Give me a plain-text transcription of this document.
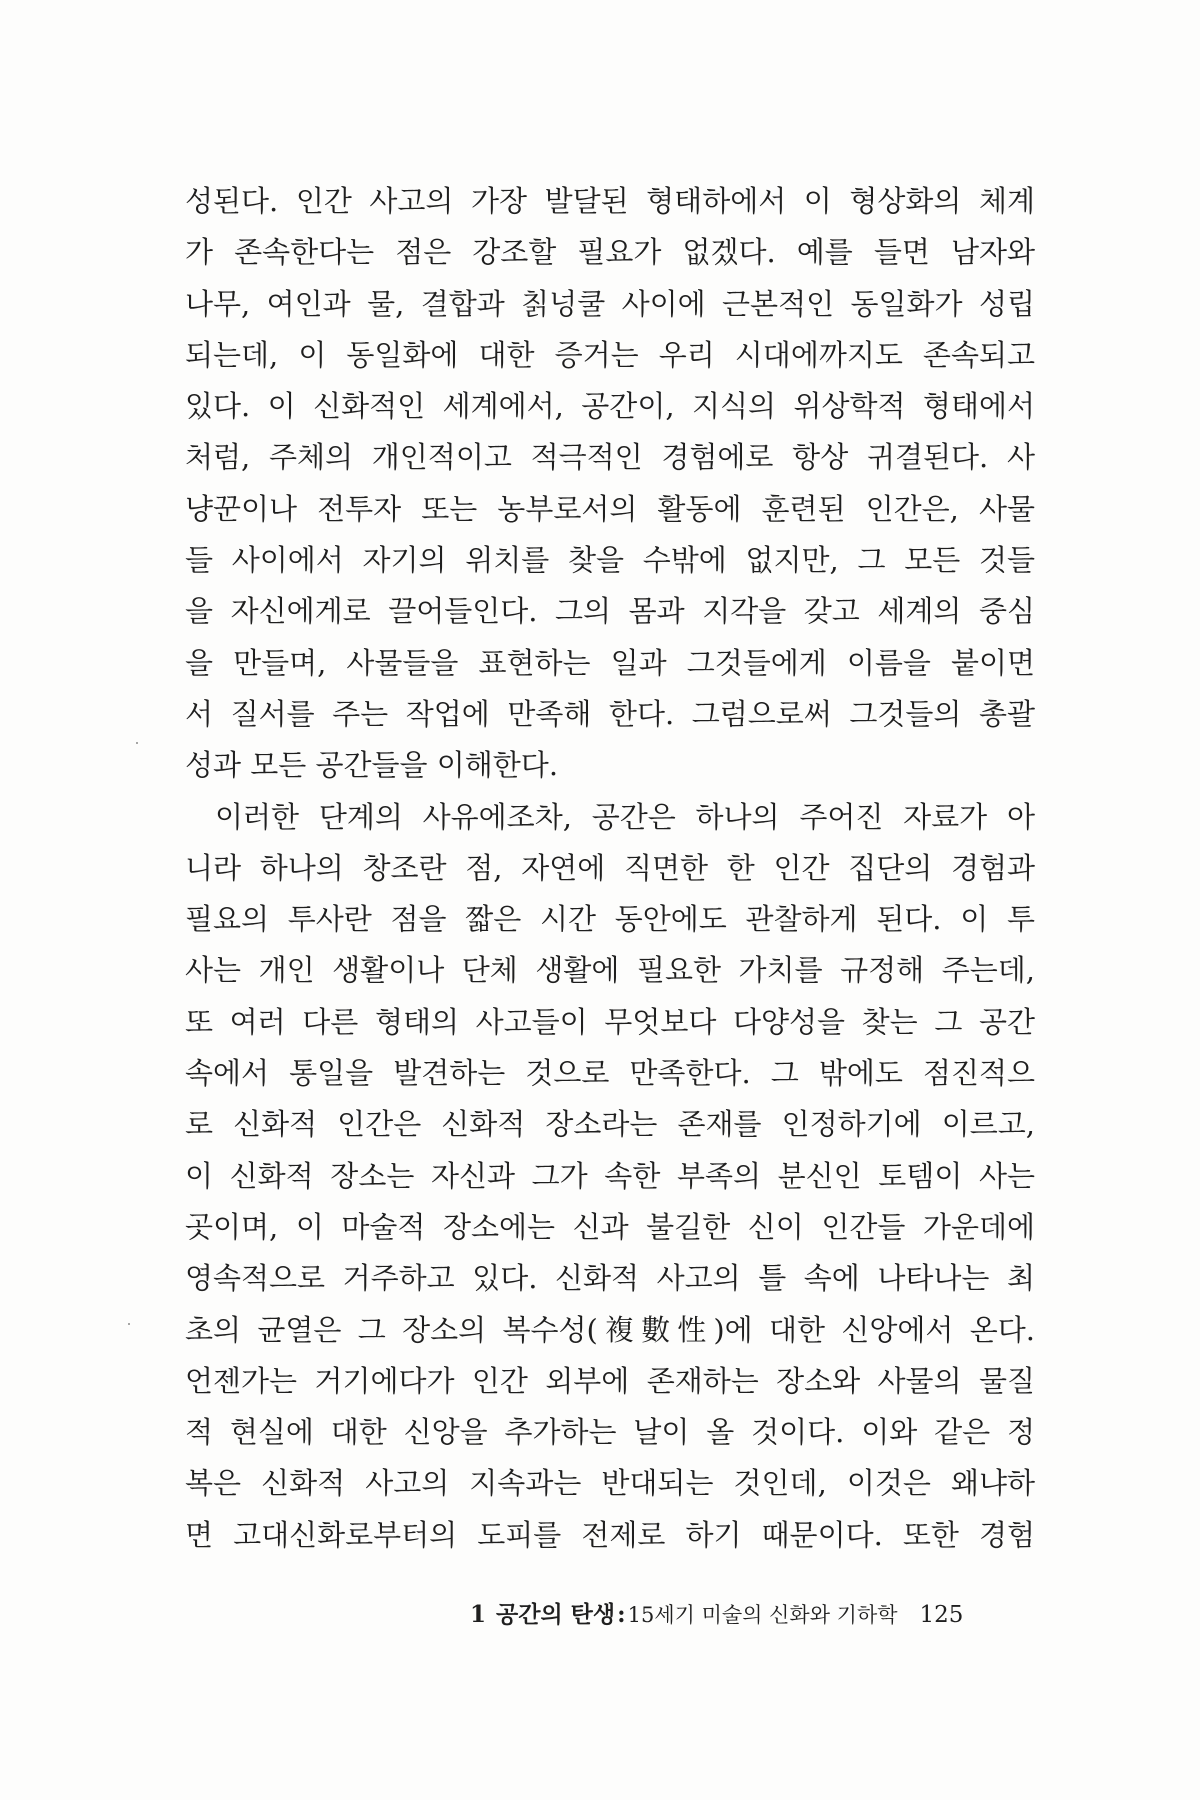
성된다. 인간 사고의 가장 발달된 형태하에서 이 형상화의 체계
가 존속한다는 점은 강조할 필요가 없겠다. 예를 들면 남자와
나무, 여인과 물, 결합과 칡넝쿨 사이에 근본적인 동일화가 성립
되는데, 이 동일화에 대한 증거는 우리 시대에까지도 존속되고
있다. 이 신화적인 세계에서, 공간이, 지식의 위상학적 형태에서
처럼, 주체의 개인적이고 적극적인 경험에로 항상 귀결된다. 사
냥꾼이나 전투자 또는 농부로서의 활동에 훈련된 인간은, 사물
들 사이에서 자기의 위치를 찾을 수밖에 없지만, 그 모든 것들
을 자신에게로 끌어들인다. 그의 몸과 지각을 갖고 세계의 중심
을 만들며, 사물들을 표현하는 일과 그것들에게 이름을 붙이면
서 질서를 주는 작업에 만족해 한다. 그럼으로써 그것들의 총괄
성과 모든 공간들을 이해한다.
이러한 단계의 사유에조차, 공간은 하나의 주어진 자료가 아
니라 하나의 창조란 점, 자연에 직면한 한 인간 집단의 경험과
필요의 투사란 점을 짧은 시간 동안에도 관찰하게 된다. 이 투
사는 개인 생활이나 단체 생활에 필요한 가치를 규정해 주는데,
또 여러 다른 형태의 사고들이 무엇보다 다양성을 찾는 그 공간
속에서 통일을 발견하는 것으로 만족한다. 그 밖에도 점진적으
로 신화적 인간은 신화적 장소라는 존재를 인정하기에 이르고,
이 신화적 장소는 자신과 그가 속한 부족의 분신인 토템이 사는
곳이며, 이 마술적 장소에는 신과 불길한 신이 인간들 가운데에
영속적으로 거주하고 있다. 신화적 사고의 틀 속에 나타나는 최
초의 균열은 그 장소의 복수성(複數性)에 대한 신앙에서 온다.
언젠가는 거기에다가 인간 외부에 존재하는 장소와 사물의 물질
적 현실에 대한 신앙을 추가하는 날이 올 것이다. 이와 같은 정
복은 신화적 사고의 지속과는 반대되는 것인데, 이것은 왜냐하
면 고대신화로부터의 도피를 전제로 하기 때문이다. 또한 경험
1 공간의 탄생:15세기 미술의 신화와 기하학 125
